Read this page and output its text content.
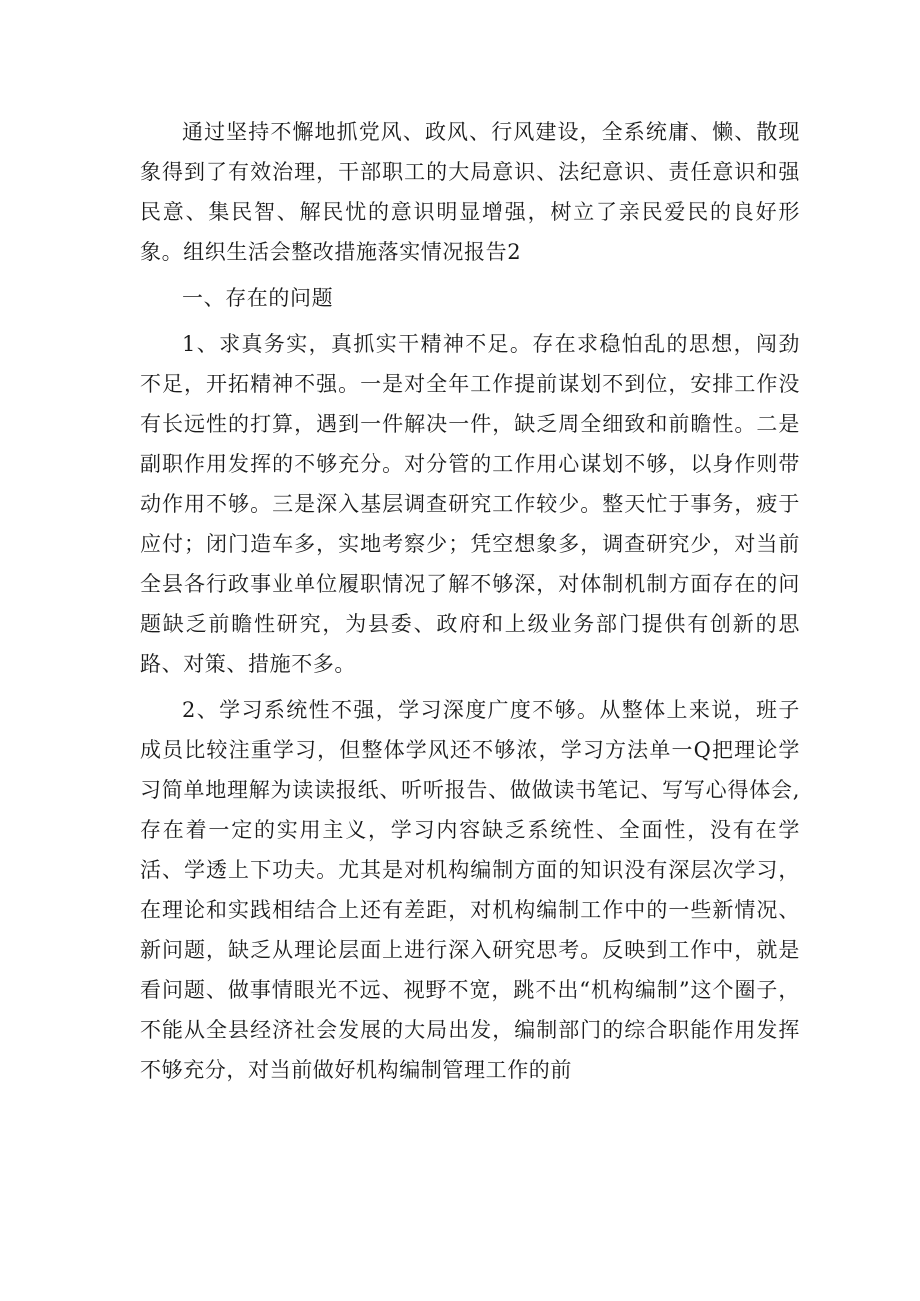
通过坚持不懈地抓党风、政风、行风建设，全系统庸、懒、散现象得到了有效治理，干部职工的大局意识、法纪意识、责任意识和强民意、集民智、解民忧的意识明显增强，树立了亲民爱民的良好形象。组织生活会整改措施落实情况报告2

一、存在的问题

1、求真务实，真抓实干精神不足。存在求稳怕乱的思想，闯劲不足，开拓精神不强。一是对全年工作提前谋划不到位，安排工作没有长远性的打算，遇到一件解决一件，缺乏周全细致和前瞻性。二是副职作用发挥的不够充分。对分管的工作用心谋划不够，以身作则带动作用不够。三是深入基层调查研究工作较少。整天忙于事务，疲于应付；闭门造车多，实地考察少；凭空想象多，调查研究少，对当前全县各行政事业单位履职情况了解不够深，对体制机制方面存在的问题缺乏前瞻性研究，为县委、政府和上级业务部门提供有创新的思路、对策、措施不多。

2、学习系统性不强，学习深度广度不够。从整体上来说，班子成员比较注重学习，但整体学风还不够浓，学习方法单一Q把理论学习简单地理解为读读报纸、听听报告、做做读书笔记、写写心得体会,存在着一定的实用主义，学习内容缺乏系统性、全面性，没有在学活、学透上下功夫。尤其是对机构编制方面的知识没有深层次学习，在理论和实践相结合上还有差距，对机构编制工作中的一些新情况、新问题，缺乏从理论层面上进行深入研究思考。反映到工作中，就是看问题、做事情眼光不远、视野不宽，跳不出“机构编制”这个圈子，不能从全县经济社会发展的大局出发，编制部门的综合职能作用发挥不够充分，对当前做好机构编制管理工作的前
